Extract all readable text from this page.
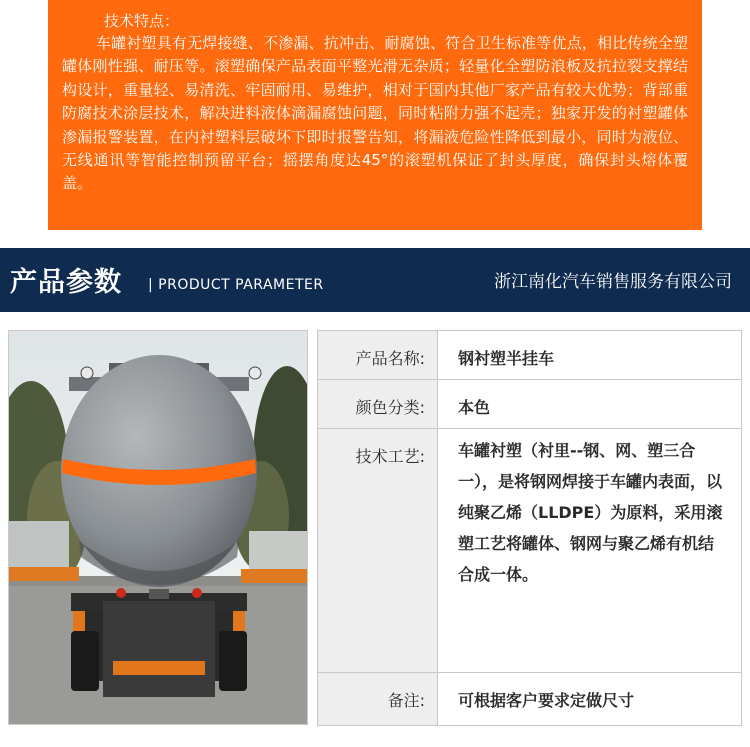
技术特点：

车罐衬塑具有无焊接缝、不渗漏、抗冲击、耐腐蚀、符合卫生标准等优点，相比传统全塑罐体刚性强、耐压等。滚塑确保产品表面平整光滑无杂质；轻量化全塑防浪板及抗拉裂支撑结构设计，重量轻、易清洗、牢固耐用、易维护，相对于国内其他厂家产品有较大优势；背部重防腐技术涂层技术，解决进料液体滴漏腐蚀问题，同时粘附力强不起壳；独家开发的衬塑罐体渗漏报警装置，在内衬塑料层破坏下即时报警告知，将漏液危险性降低到最小，同时为液位、无线通讯等智能控制预留平台；摇摆角度达45°的滚塑机保证了封头厚度，确保封头熔体覆盖。

产品参数 | PRODUCT PARAMETER	浙江南化汽车销售服务有限公司
产品名称:	钢衬塑半挂车
颜色分类:	本色
技术工艺:	车罐衬塑（衬里--钢、网、塑三合一），是将钢网焊接于车罐内表面，以纯聚乙烯（LLDPE）为原料，采用滚塑工艺将罐体、钢网与聚乙烯有机结合成一体。
备注:	可根据客户要求定做尺寸
